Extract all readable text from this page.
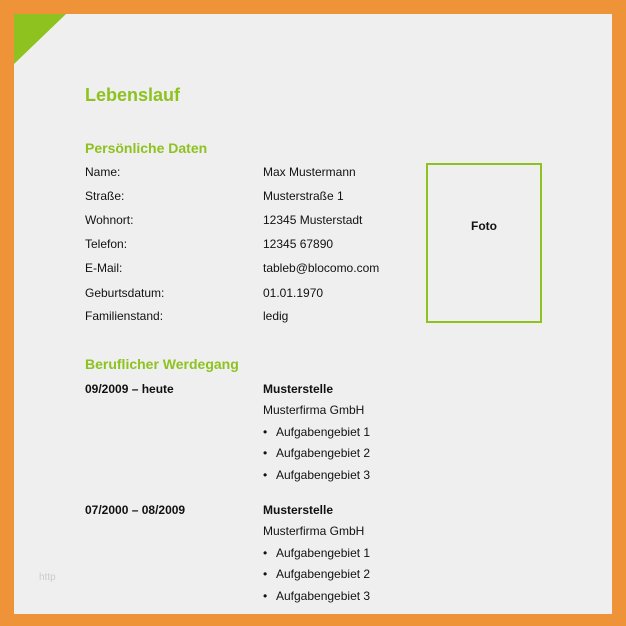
Lebenslauf
Persönliche Daten
Name:	Max Mustermann
Straße:	Musterstraße 1
Wohnort:	12345 Musterstadt
Telefon:	12345 67890
E-Mail:	tableb@blocomo.com
Geburtsdatum:	01.01.1970
Familienstand:	ledig
Foto
Beruflicher Werdegang
09/2009 – heute	Musterstelle
Musterfirma GmbH
• Aufgabengebiet 1
• Aufgabengebiet 2
• Aufgabengebiet 3
07/2000 – 08/2009	Musterstelle
Musterfirma GmbH
• Aufgabengebiet 1
• Aufgabengebiet 2
• Aufgabengebiet 3
http
